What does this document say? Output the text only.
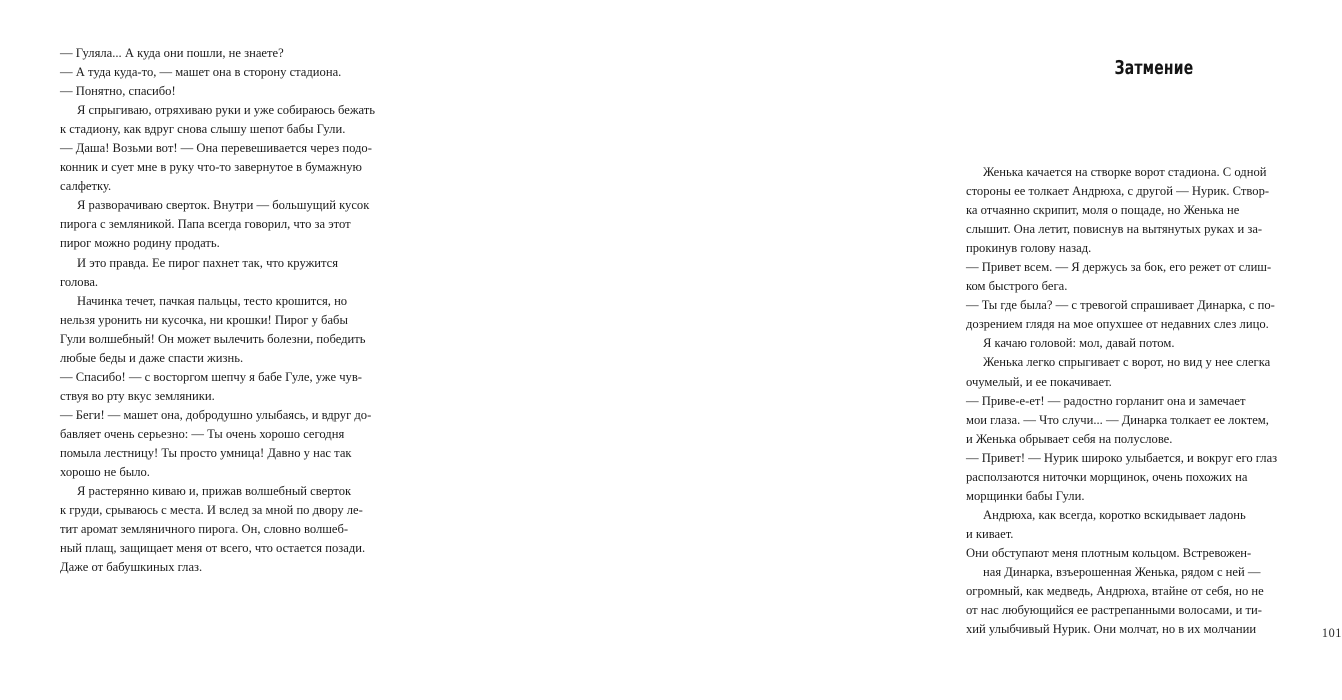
— Гуляла... А куда они пошли, не знаете?
— А туда куда-то, — машет она в сторону стадиона.
— Понятно, спасибо!
Я спрыгиваю, отряхиваю руки и уже собираюсь бежать
к стадиону, как вдруг снова слышу шепот бабы Гули.
— Даша! Возьми вот! — Она перевешивается через подо-
конник и сует мне в руку что-то завернутое в бумажную
салфетку.
Я разворачиваю сверток. Внутри — большущий кусок
пирога с земляникой. Папа всегда говорил, что за этот
пирог можно родину продать.
И это правда. Ее пирог пахнет так, что кружится
голова.
Начинка течет, пачкая пальцы, тесто крошится, но
нельзя уронить ни кусочка, ни крошки! Пирог у бабы
Гули волшебный! Он может вылечить болезни, победить
любые беды и даже спасти жизнь.
— Спасибо! — с восторгом шепчу я бабе Гуле, уже чув-
ствуя во рту вкус земляники.
— Беги! — машет она, добродушно улыбаясь, и вдруг до-
бавляет очень серьезно: — Ты очень хорошо сегодня
помыла лестницу! Ты просто умница! Давно у нас так
хорошо не было.
Я растерянно киваю и, прижав волшебный сверток
к груди, срываюсь с места. И вслед за мной по двору ле-
тит аромат земляничного пирога. Он, словно волшеб-
ный плащ, защищает меня от всего, что остается позади.
Даже от бабушкиных глаз.
Затмение
Женька качается на створке ворот стадиона. С одной
стороны ее толкает Андрюха, с другой — Нурик. Створ-
ка отчаянно скрипит, моля о пощаде, но Женька не
слышит. Она летит, повиснув на вытянутых руках и за-
прокинув голову назад.
— Привет всем. — Я держусь за бок, его режет от слиш-
ком быстрого бега.
— Ты где была? — с тревогой спрашивает Динарка, с по-
дозрением глядя на мое опухшее от недавних слез лицо.
Я качаю головой: мол, давай потом.
Женька легко спрыгивает с ворот, но вид у нее слегка
очумелый, и ее покачивает.
— Приве-е-ет! — радостно горланит она и замечает
мои глаза. — Что случи... — Динарка толкает ее локтем,
и Женька обрывает себя на полуслове.
— Привет! — Нурик широко улыбается, и вокруг его глаз
расползаются ниточки морщинок, очень похожих на
морщинки бабы Гули.
Андрюха, как всегда, коротко вскидывает ладонь
и кивает.
Они обступают меня плотным кольцом. Встревожен-
ная Динарка, взъерошенная Женька, рядом с ней —
огромный, как медведь, Андрюха, втайне от себя, но не
от нас любующийся ее растрепанными волосами, и ти-
хий улыбчивый Нурик. Они молчат, но в их молчании	101
